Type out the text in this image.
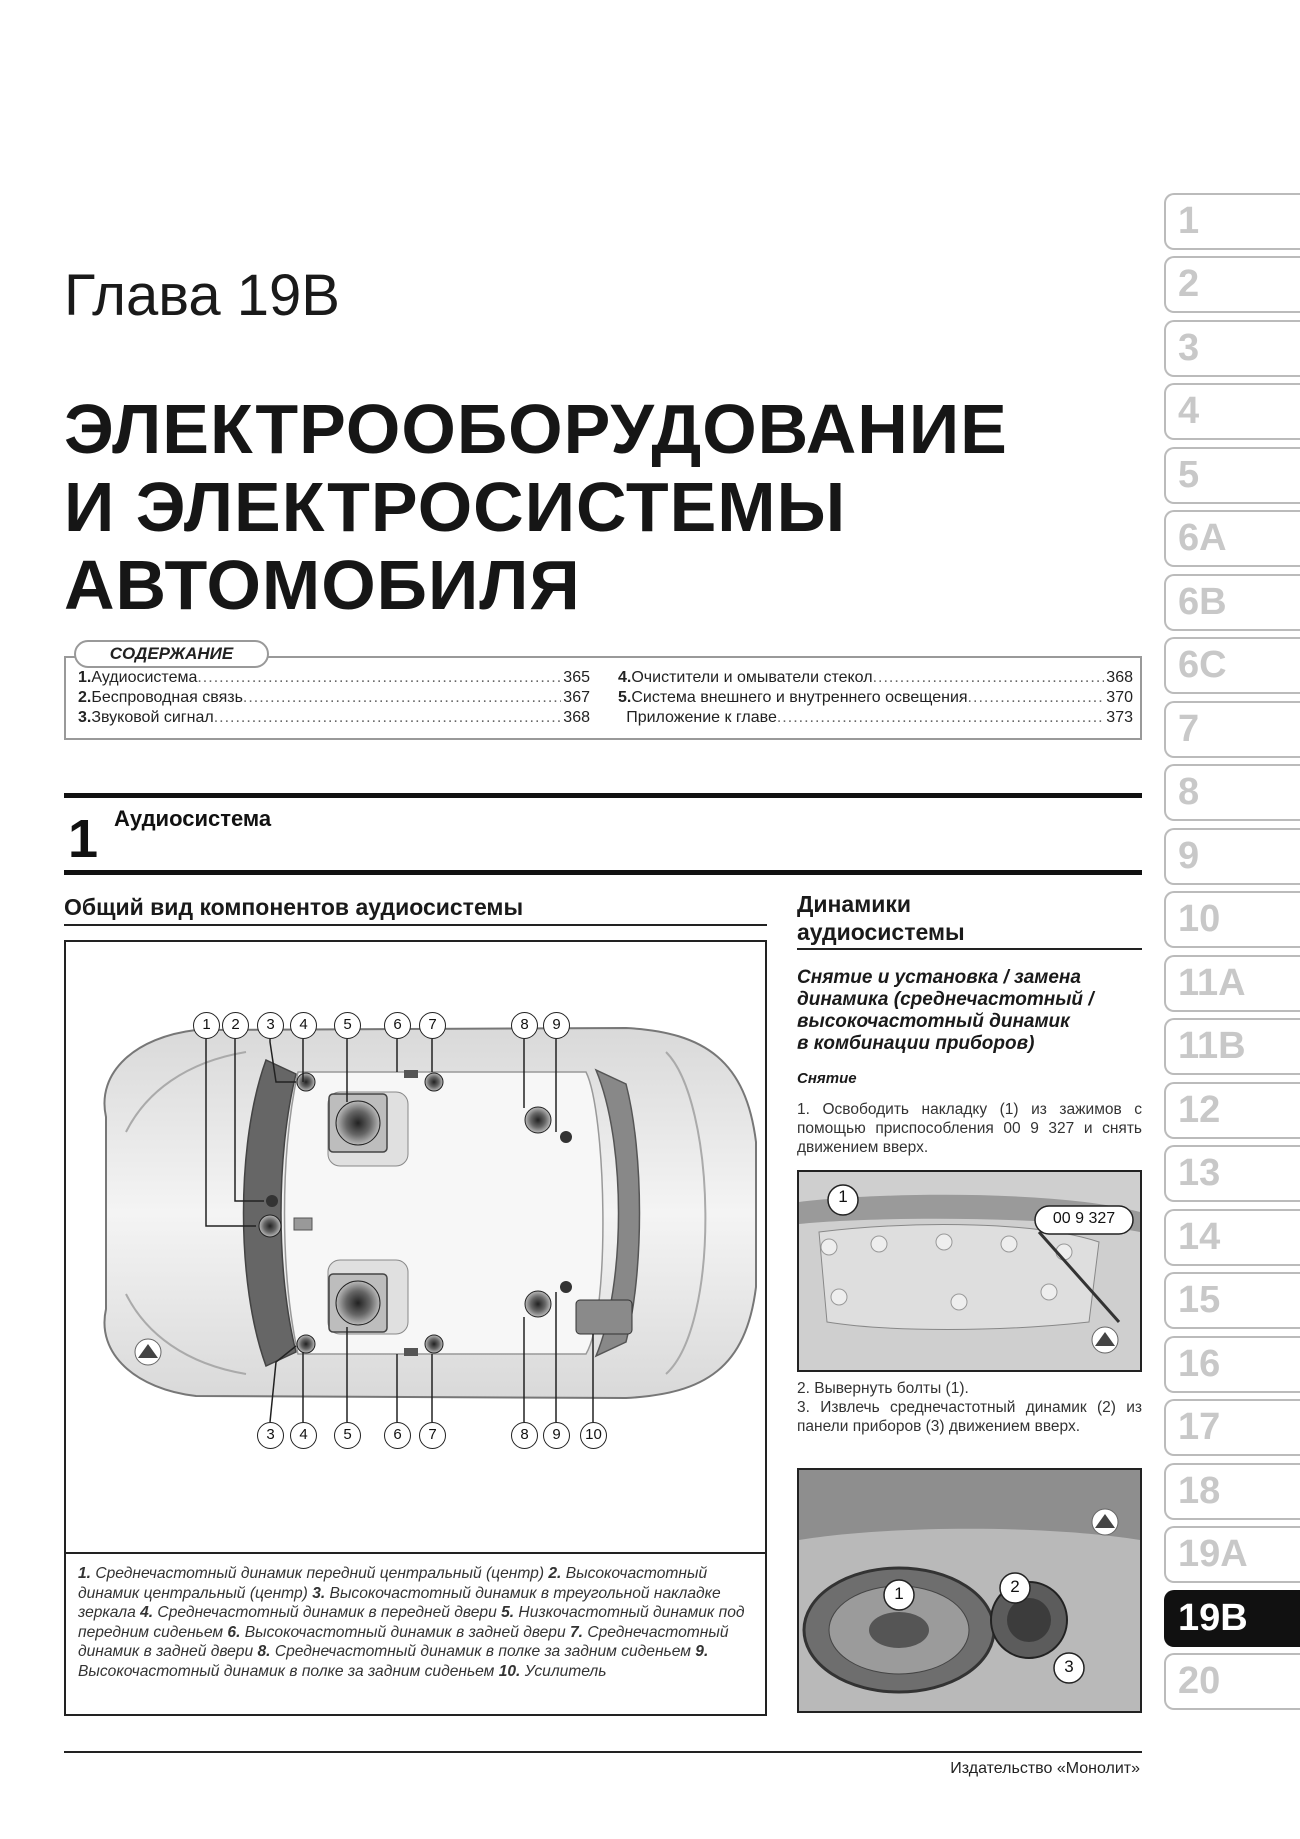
Глава 19B
ЭЛЕКТРООБОРУДОВАНИЕ
И ЭЛЕКТРОСИСТЕМЫ
АВТОМОБИЛЯ
СОДЕРЖАНИЕ
1. Аудиосистема .....	365
2. Беспроводная связь .....	367
3. Звуковой сигнал .....	368
4. Очистители и омыватели стекол .....	368
5. Система внешнего и внутреннего освещения .....	370
Приложение к главе .....	373
1 Аудиосистема
Общий вид компонентов аудиосистемы
1	2	3	4	5	6	7	8	9
3	4	5	6	7	8	9	10
1. Среднечастотный динамик передний центральный (центр) 2. Высокочастотный динамик центральный (центр) 3. Высокочастотный динамик в треугольной накладке зеркала 4. Среднечастотный динамик в передней двери 5. Низкочастотный динамик под передним сиденьем 6. Высокочастотный динамик в задней двери 7. Среднечастотный динамик в задней двери 8. Среднечастотный динамик в полке за задним сиденьем 9. Высокочастотный динамик в полке за задним сиденьем 10. Усилитель
Динамики
аудиосистемы
Снятие и установка / замена
динамика (среднечастотный /
высокочастотный динамик
в комбинации приборов)
Снятие
1. Освободить накладку (1) из зажимов с помощью приспособления 00 9 327 и снять движением вверх.
1
00 9 327
2. Вывернуть болты (1).
3. Извлечь среднечастотный динамик (2) из панели приборов (3) движением вверх.
1	2
3
1
2
3
4
5
6A
6B
6C
7
8
9
10
11A
11B
12
13
14
15
16
17
18
19A
19B
20
Издательство «Монолит»
